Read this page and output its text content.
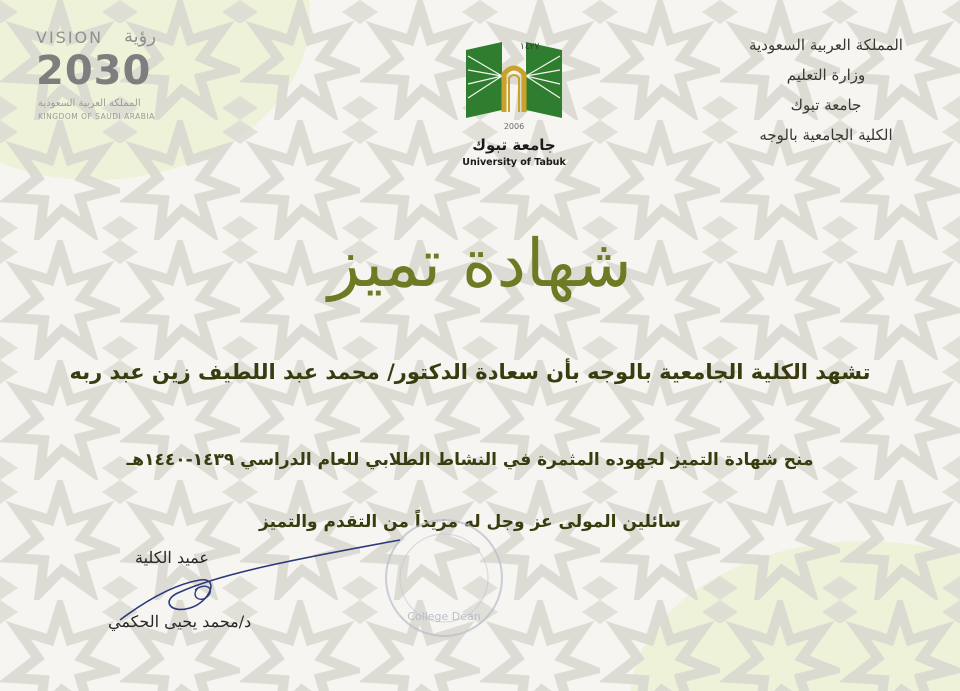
VISION رؤية
2030
المملكة العربية السعودية
KINGDOM OF SAUDI ARABIA
١٤٢٧
2006
جامعة تبوك
University of Tabuk
المملكة العربية السعودية
وزارة التعليم
جامعة تبوك
الكلية الجامعية بالوجه
شهادة تميز
تشهد الكلية الجامعية بالوجه بأن سعادة الدكتور/ محمد عبد اللطيف زين عبد ربه
منح شهادة التميز لجهوده المثمرة في النشاط الطلابي للعام الدراسي ١٤٣٩-١٤٤٠هـ
سائلين المولى عز وجل له مزيداً من التقدم والتميز
College Dean
عميد الكلية
د/محمد يحيى الحكمي
